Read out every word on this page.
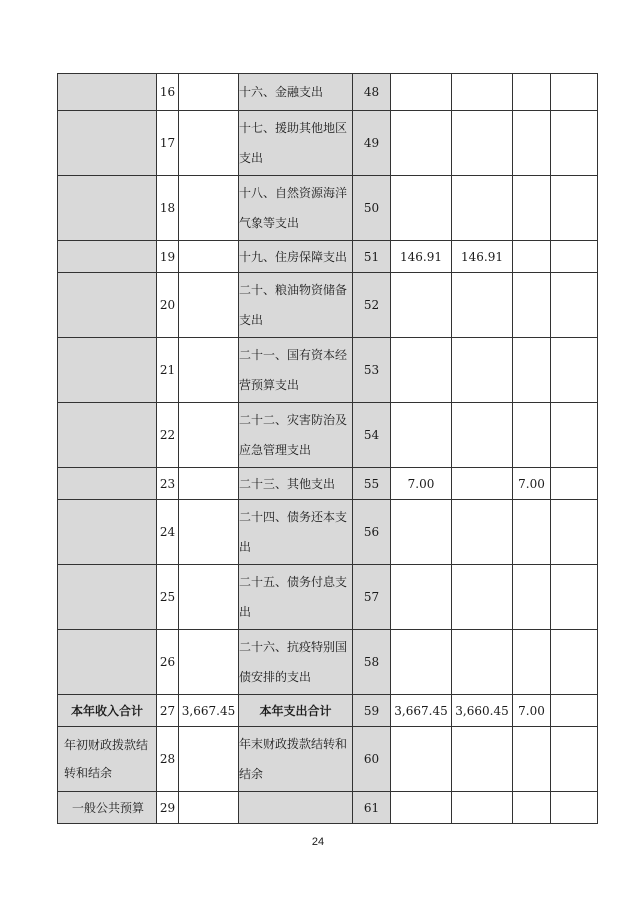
	16		十六、金融支出	48				
	17		十七、援助其他地区支出	49				
	18		十八、自然资源海洋气象等支出	50				
	19		十九、住房保障支出	51	146.91	146.91		
	20		二十、粮油物资储备支出	52				
	21		二十一、国有资本经营预算支出	53				
	22		二十二、灾害防治及应急管理支出	54				
	23		二十三、其他支出	55	7.00		7.00	
	24		二十四、债务还本支出	56				
	25		二十五、债务付息支出	57				
	26		二十六、抗疫特别国债安排的支出	58				
本年收入合计	27	3,667.45	本年支出合计	59	3,667.45	3,660.45	7.00	
年初财政拨款结转和结余	28		年末财政拨款结转和结余	60				
一般公共预算	29			61				
24
